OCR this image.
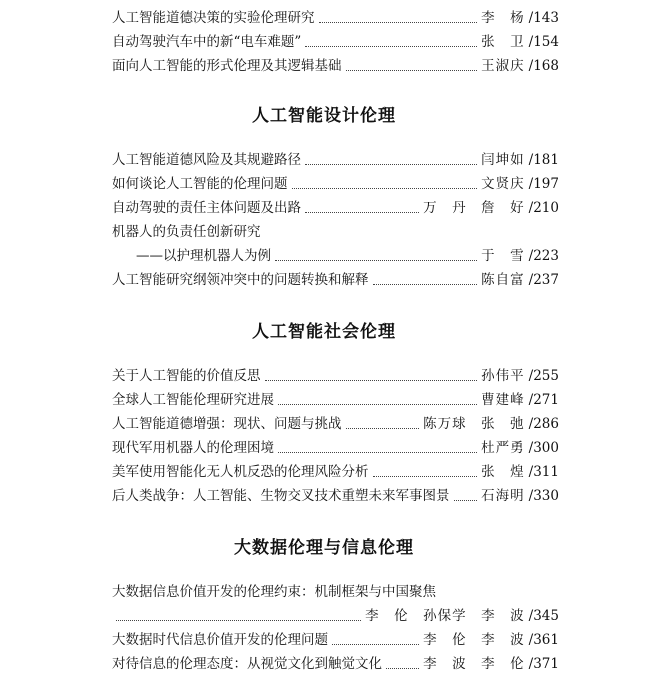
人工智能道德决策的实验伦理研究	李　杨 /143
自动驾驶汽车中的新“电车难题”	张　卫 /154
面向人工智能的形式伦理及其逻辑基础	王淑庆 /168
人工智能设计伦理
人工智能道德风险及其规避路径	闫坤如 /181
如何谈论人工智能的伦理问题	文贤庆 /197
自动驾驶的责任主体问题及出路	万　丹　詹　好 /210
机器人的负责任创新研究
——以护理机器人为例	于　雪 /223
人工智能研究纲领冲突中的问题转换和解释	陈自富 /237
人工智能社会伦理
关于人工智能的价值反思	孙伟平 /255
全球人工智能伦理研究进展	曹建峰 /271
人工智能道德增强：现状、问题与挑战	陈万球　张　弛 /286
现代军用机器人的伦理困境	杜严勇 /300
美军使用智能化无人机反恐的伦理风险分析	张　煌 /311
后人类战争：人工智能、生物交叉技术重塑未来军事图景 石海明 /330
大数据伦理与信息伦理
大数据信息价值开发的伦理约束：机制框架与中国聚焦
李　伦　孙保学　李　波 /345
大数据时代信息价值开发的伦理问题	李　伦　李　波 /361
对待信息的伦理态度：从视觉文化到触觉文化	李　波　李　伦 /371
